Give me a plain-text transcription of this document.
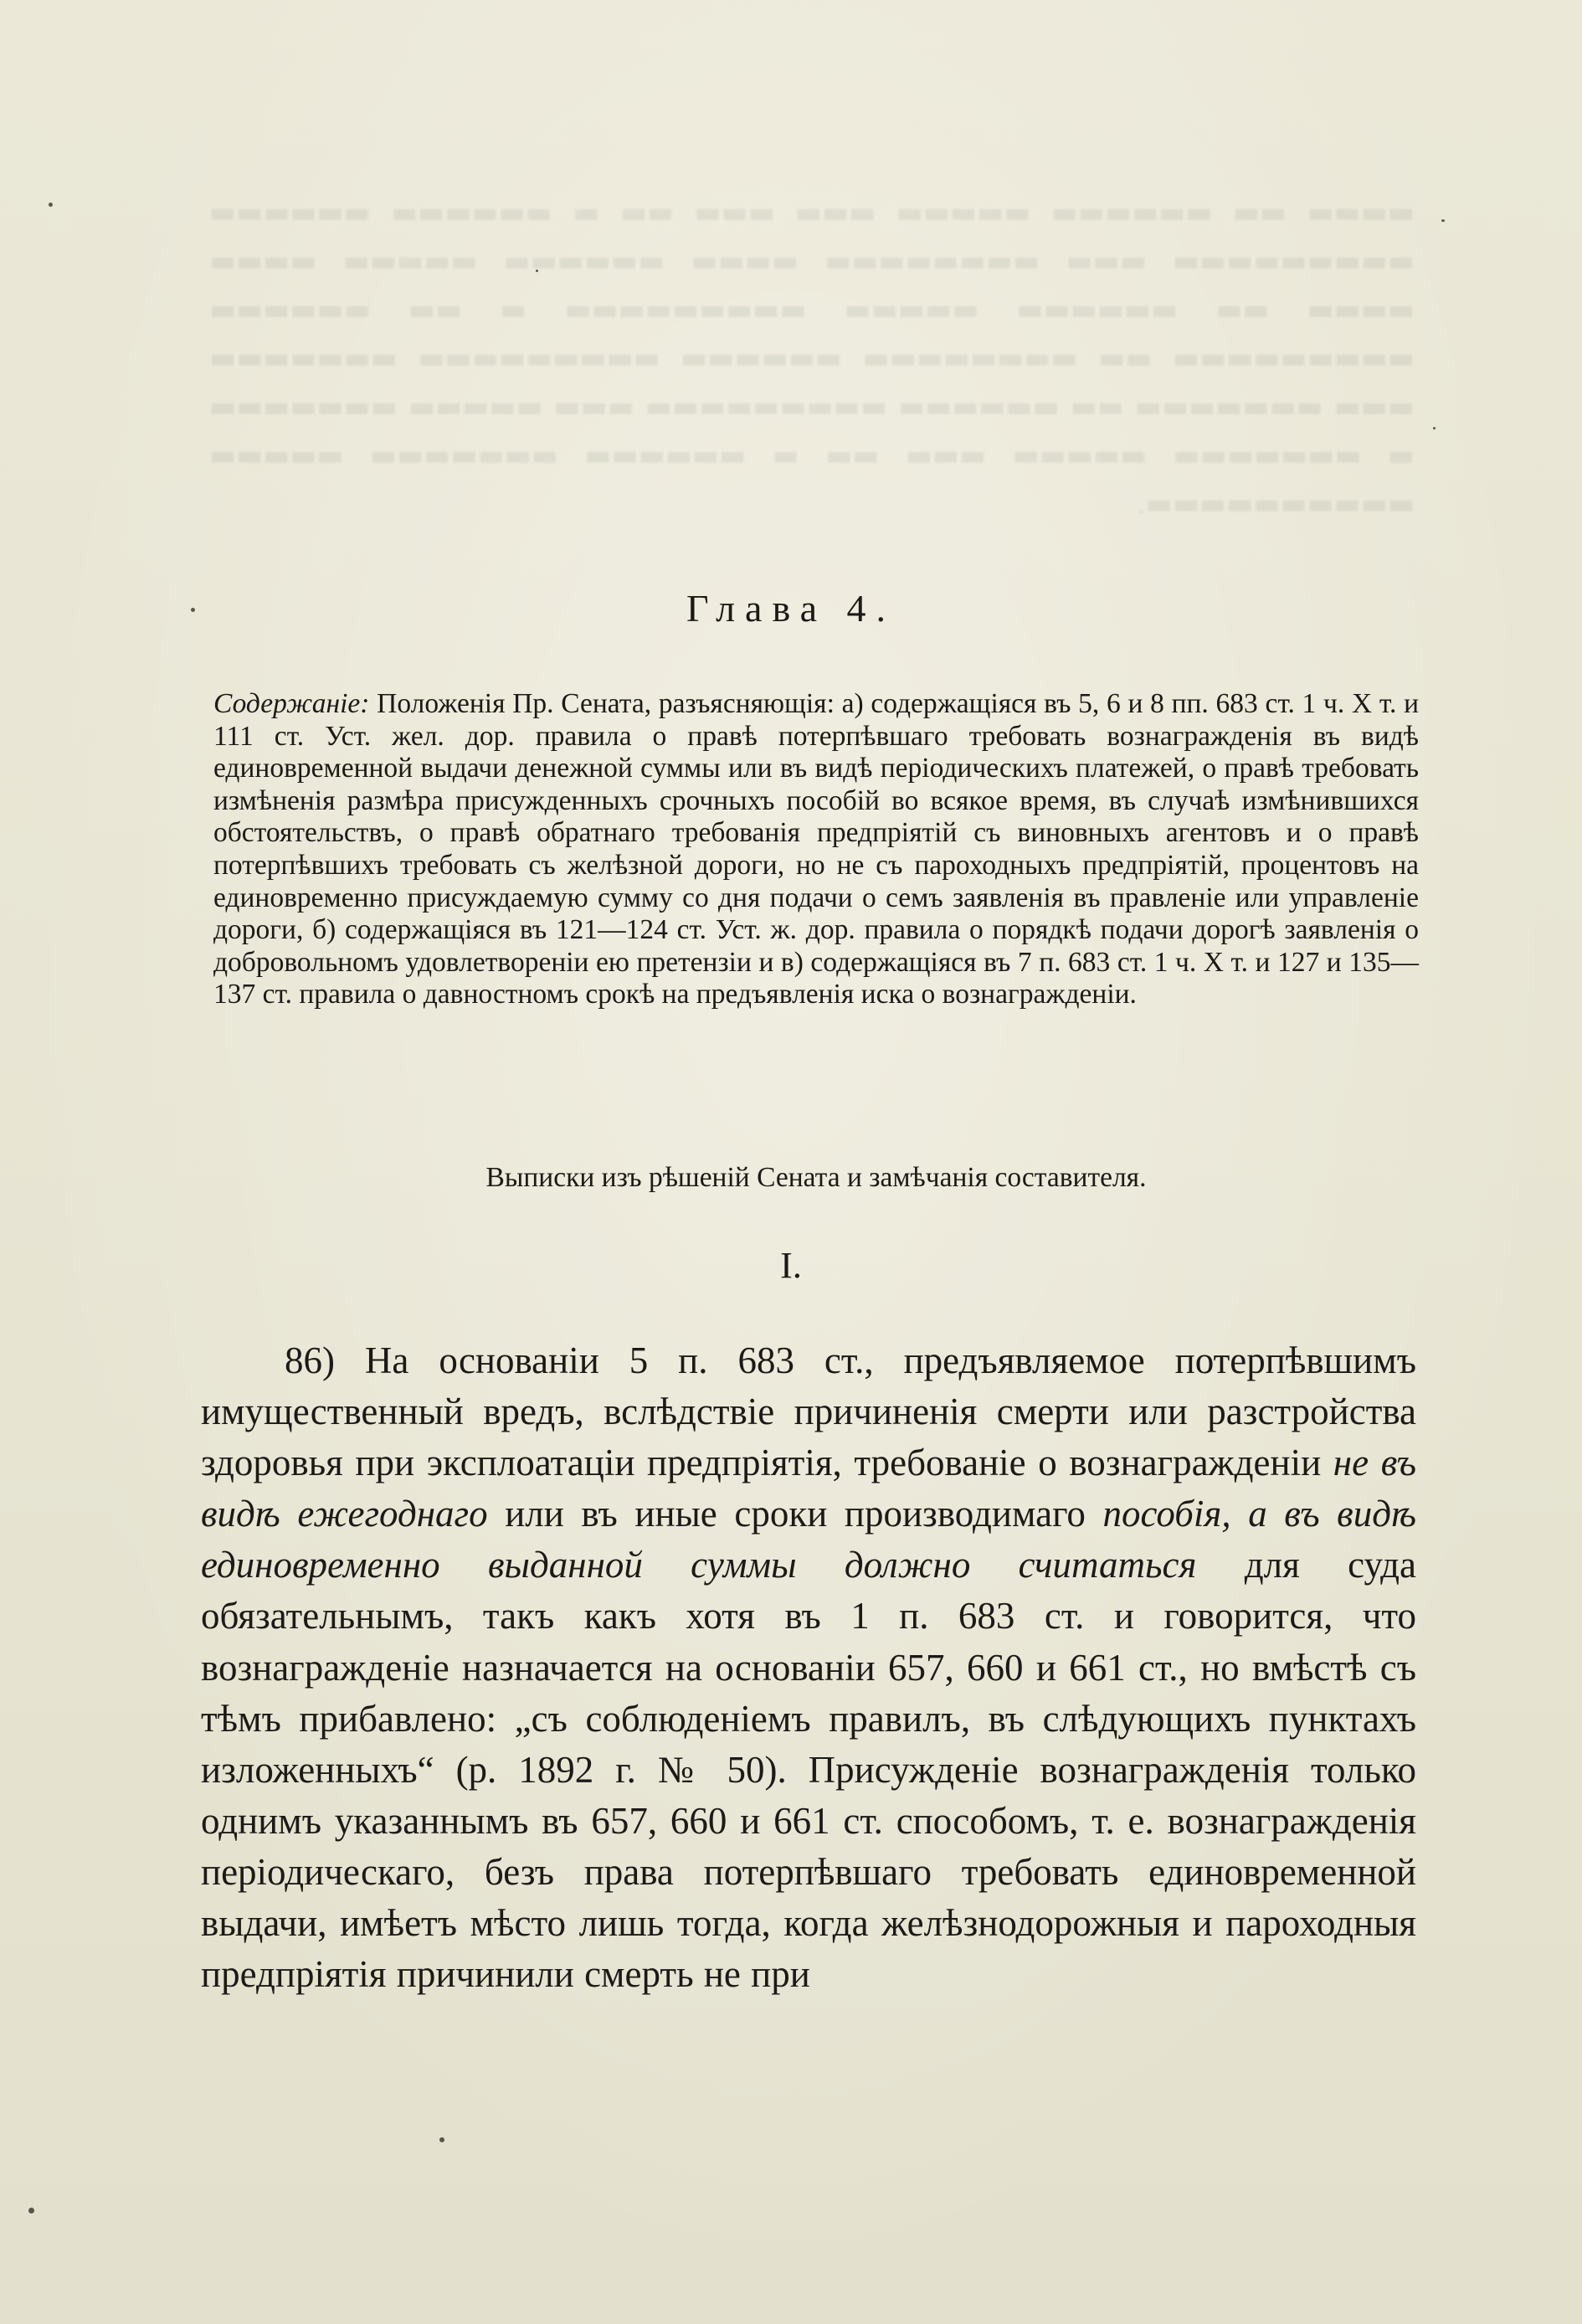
▬▬▬▬ ▬▬ ▬▬▬▬▬▬ ▬▬▬▬▬ ▬▬▬ ▬▬▬ ▬▬ ▬ ▬▬▬▬▬▬ ▬▬▬▬▬▬ ▬▬▬▬▬▬▬▬▬ ▬▬▬ ▬▬▬▬▬▬▬▬ ▬▬▬▬ ▬▬▬▬▬▬ ▬▬▬▬▬ ▬▬▬▬ ▬▬▬▬ ▬▬ ▬▬▬▬▬▬ ▬▬▬▬▬ ▬▬▬▬▬▬▬▬▬ ▬ ▬▬ ▬▬▬▬▬▬ ▬▬▬▬▬▬▬▬▬ ▬▬ ▬▬▬▬▬▬▬▬ ▬▬▬▬▬▬ ▬▬▬▬▬▬▬▬▬ ▬▬▬▬▬▬▬ ▬▬▬ ▬▬▬▬▬▬▬ ▬▬ ▬▬▬▬▬▬ ▬▬▬▬▬▬▬▬▬ ▬▬▬ ▬▬▬▬▬ ▬▬▬▬▬▬▬ ▬ ▬▬▬▬▬▬▬ ▬▬▬▬▬ ▬▬▬ ▬▬ ▬ ▬▬▬▬▬▬ ▬▬▬▬▬▬▬ ▬▬▬▬▬ ▬▬▬▬▬▬▬▬▬▬.

Глава 4.

Содержаніе: Положенія Пр. Сената, разъясняющія: а) содержащіяся въ 5, 6 и 8 пп. 683 ст. 1 ч. X т. и 111 ст. Уст. жел. дор. правила о правѣ потерпѣвшаго требовать вознагражденія въ видѣ единовременной выдачи денежной суммы или въ видѣ періодическихъ платежей, о правѣ требовать измѣненія размѣра присужденныхъ срочныхъ пособій во всякое время, въ случаѣ измѣнившихся обстоятельствъ, о правѣ обратнаго требованія предпріятій съ виновныхъ агентовъ и о правѣ потерпѣвшихъ требовать съ желѣзной дороги, но не съ пароходныхъ предпріятій, процентовъ на единовременно присуждаемую сумму со дня подачи о семъ заявленія въ правленіе или управленіе дороги, б) содержащіяся въ 121—124 ст. Уст. ж. дор. правила о порядкѣ подачи дорогѣ заявленія о добровольномъ удовлетвореніи ею претензіи и в) содержащіяся въ 7 п. 683 ст. 1 ч. X т. и 127 и 135—137 ст. правила о давностномъ срокѣ на предъявленія иска о вознагражденіи.

Выписки изъ рѣшеній Сената и замѣчанія составителя.

I.

86) На основаніи 5 п. 683 ст., предъявляемое потерпѣвшимъ имущественный вредъ, вслѣдствіе причиненія смерти или разстройства здоровья при эксплоатаціи предпріятія, требованіе о вознагражденіи не въ видѣ ежегоднаго или въ иные сроки производимаго пособія, а въ видѣ единовременно выданной суммы должно считаться для суда обязательнымъ, такъ какъ хотя въ 1 п. 683 ст. и говорится, что вознагражденіе назначается на основаніи 657, 660 и 661 ст., но вмѣстѣ съ тѣмъ прибавлено: „съ соблюденіемъ правилъ, въ слѣдующихъ пунктахъ изложенныхъ“ (р. 1892 г. № 50). Присужденіе вознагражденія только однимъ указаннымъ въ 657, 660 и 661 ст. способомъ, т. е. вознагражденія періодическаго, безъ права потерпѣвшаго требовать единовременной выдачи, имѣетъ мѣсто лишь тогда, когда желѣзнодорожныя и пароходныя предпріятія причинили смерть не при
